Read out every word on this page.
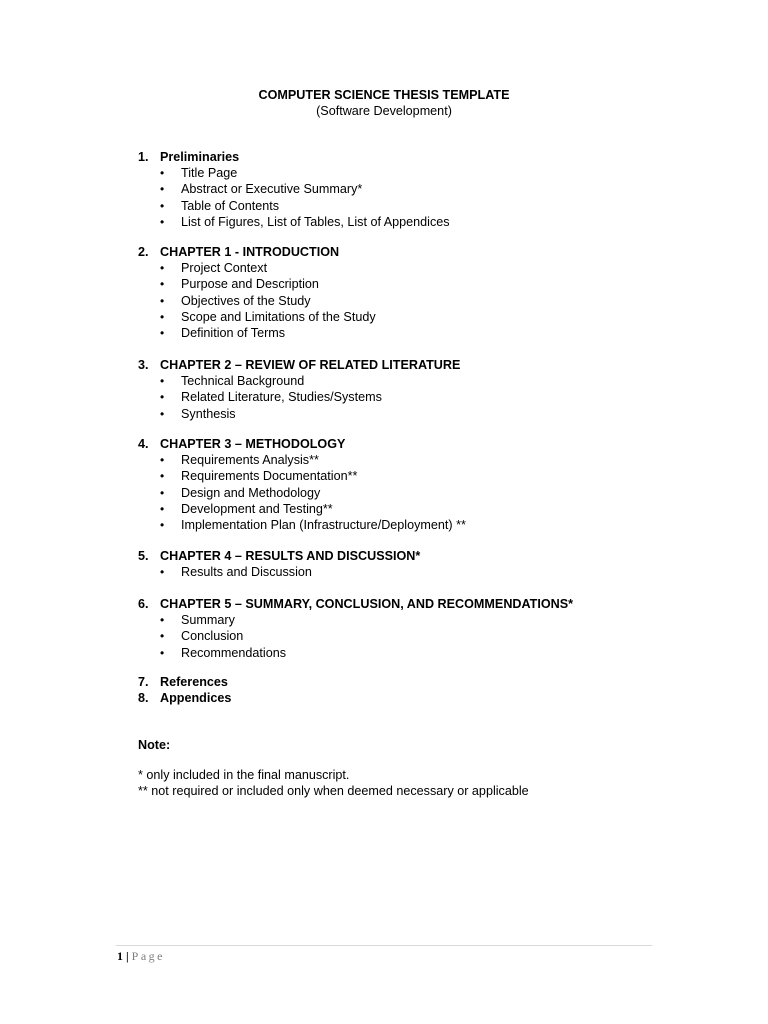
COMPUTER SCIENCE THESIS TEMPLATE
(Software Development)
1. Preliminaries
• Title Page
• Abstract or Executive Summary*
• Table of Contents
• List of Figures, List of Tables, List of Appendices
2. CHAPTER 1 - INTRODUCTION
• Project Context
• Purpose and Description
• Objectives of the Study
• Scope and Limitations of the Study
• Definition of Terms
3. CHAPTER 2 – REVIEW OF RELATED LITERATURE
• Technical Background
• Related Literature, Studies/Systems
• Synthesis
4. CHAPTER 3 – METHODOLOGY
• Requirements Analysis**
• Requirements Documentation**
• Design and Methodology
• Development and Testing**
• Implementation Plan (Infrastructure/Deployment) **
5. CHAPTER 4 – RESULTS AND DISCUSSION*
• Results and Discussion
6. CHAPTER 5 – SUMMARY, CONCLUSION, AND RECOMMENDATIONS*
• Summary
• Conclusion
• Recommendations
7. References
8. Appendices
Note:
* only included in the final manuscript.
** not required or included only when deemed necessary or applicable
1 | Page
